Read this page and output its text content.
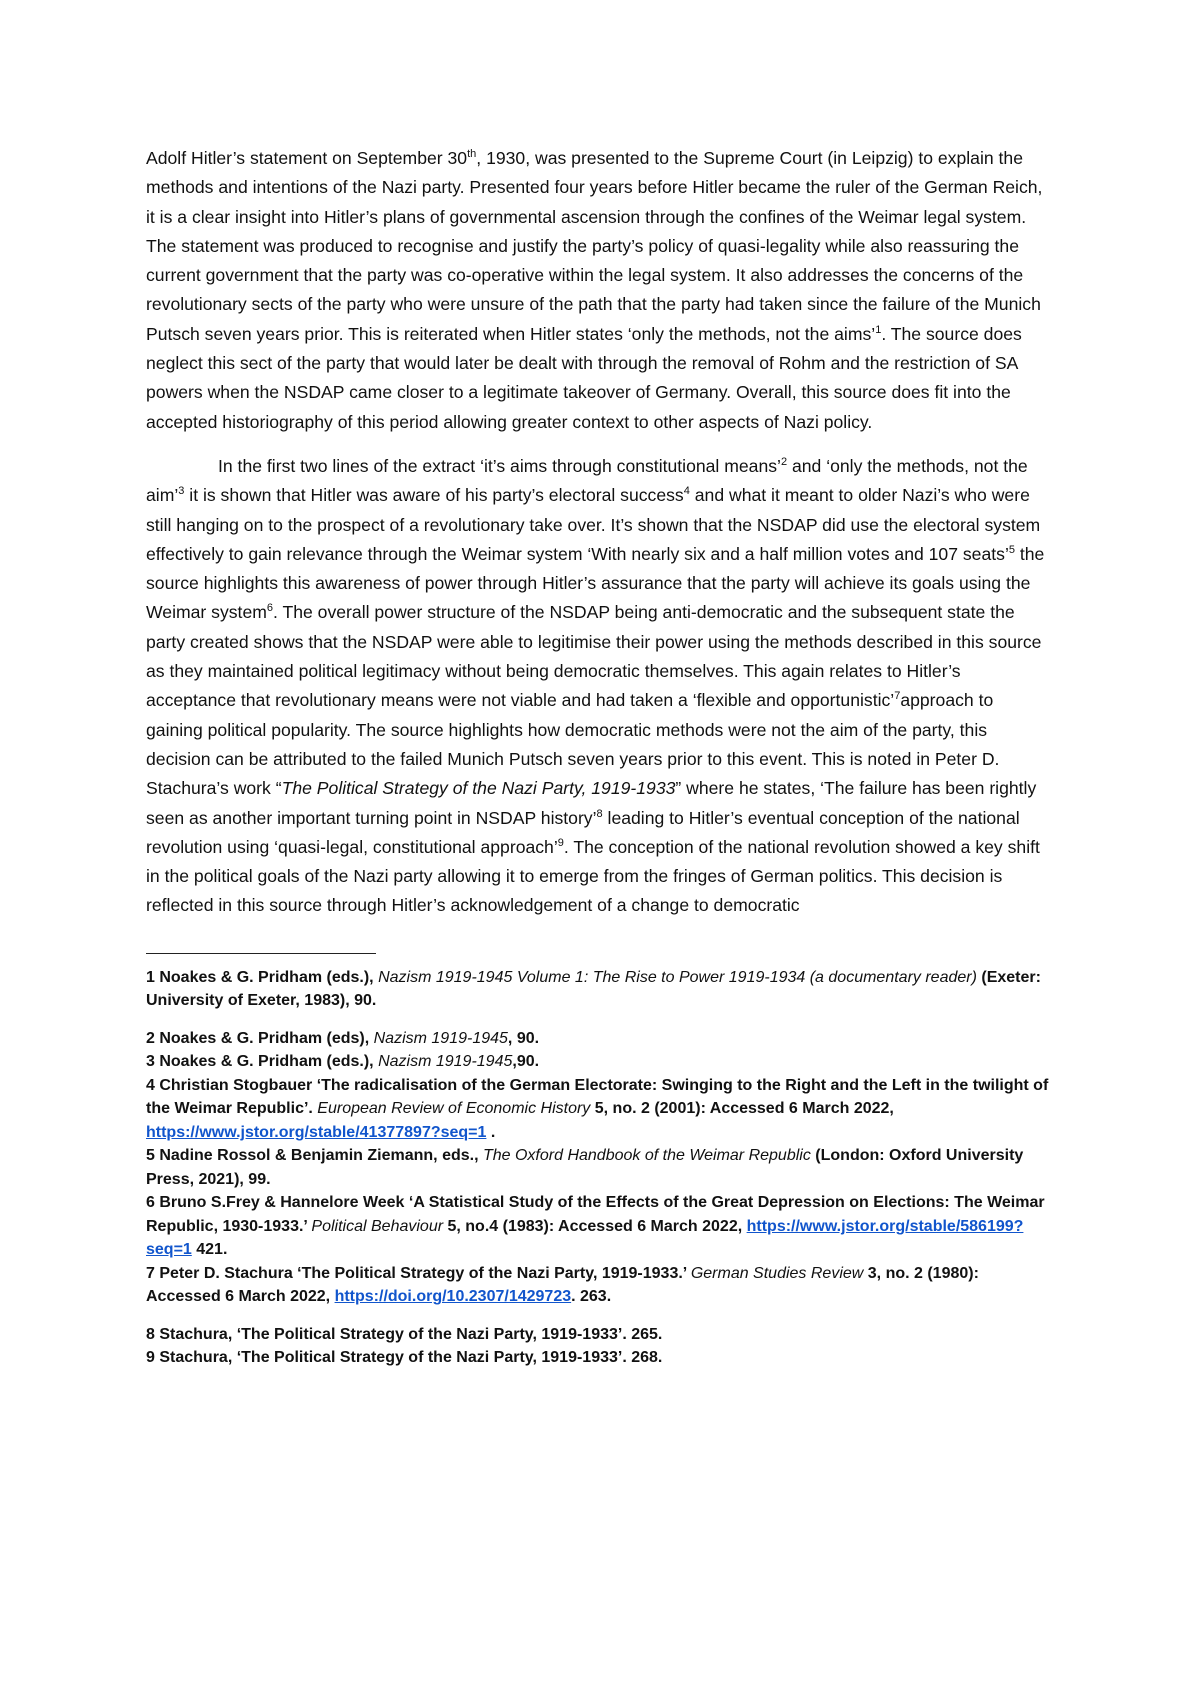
Adolf Hitler’s statement on September 30th, 1930, was presented to the Supreme Court (in Leipzig) to explain the methods and intentions of the Nazi party. Presented four years before Hitler became the ruler of the German Reich, it is a clear insight into Hitler’s plans of governmental ascension through the confines of the Weimar legal system. The statement was produced to recognise and justify the party’s policy of quasi-legality while also reassuring the current government that the party was co-operative within the legal system. It also addresses the concerns of the revolutionary sects of the party who were unsure of the path that the party had taken since the failure of the Munich Putsch seven years prior. This is reiterated when Hitler states ‘only the methods, not the aims’$^1$. The source does neglect this sect of the party that would later be dealt with through the removal of Rohm and the restriction of SA powers when the NSDAP came closer to a legitimate takeover of Germany. Overall, this source does fit into the accepted historiography of this period allowing greater context to other aspects of Nazi policy.

In the first two lines of the extract ‘it’s aims through constitutional means’$^2$ and ‘only the methods, not the aim’$^3$ it is shown that Hitler was aware of his party’s electoral success$^4$ and what it meant to older Nazi’s who were still hanging on to the prospect of a revolutionary take over. It’s shown that the NSDAP did use the electoral system effectively to gain relevance through the Weimar system ‘With nearly six and a half million votes and 107 seats’$^5$ the source highlights this awareness of power through Hitler’s assurance that the party will achieve its goals using the Weimar system$^6$. The overall power structure of the NSDAP being anti-democratic and the subsequent state the party created shows that the NSDAP were able to legitimise their power using the methods described in this source as they maintained political legitimacy without being democratic themselves. This again relates to Hitler’s acceptance that revolutionary means were not viable and had taken a ‘flexible and opportunistic’$^7$approach to gaining political popularity. The source highlights how democratic methods were not the aim of the party, this decision can be attributed to the failed Munich Putsch seven years prior to this event. This is noted in Peter D. Stachura’s work “The Political Strategy of the Nazi Party, 1919-1933” where he states, ‘The failure has been rightly seen as another important turning point in NSDAP history’$^8$ leading to Hitler’s eventual conception of the national revolution using ‘quasi-legal, constitutional approach’$^9$. The conception of the national revolution showed a key shift in the political goals of the Nazi party allowing it to emerge from the fringes of German politics. This decision is reflected in this source through Hitler’s acknowledgement of a change to democratic

1 Noakes & G. Pridham (eds.), Nazism 1919-1945 Volume 1: The Rise to Power 1919-1934 (a documentary reader) (Exeter: University of Exeter, 1983), 90.

2 Noakes & G. Pridham (eds), Nazism 1919-1945, 90.

3 Noakes & G. Pridham (eds.), Nazism 1919-1945,90.

4 Christian Stogbauer ‘The radicalisation of the German Electorate: Swinging to the Right and the Left in the twilight of the Weimar Republic’. European Review of Economic History 5, no. 2 (2001): Accessed 6 March 2022, https://www.jstor.org/stable/41377897?seq=1 .

5 Nadine Rossol & Benjamin Ziemann, eds., The Oxford Handbook of the Weimar Republic (London: Oxford University Press, 2021), 99.

6 Bruno S.Frey & Hannelore Week ‘A Statistical Study of the Effects of the Great Depression on Elections: The Weimar Republic, 1930-1933.’ Political Behaviour 5, no.4 (1983): Accessed 6 March 2022, https://www.jstor.org/stable/586199?seq=1 421.

7 Peter D. Stachura ‘The Political Strategy of the Nazi Party, 1919-1933.’ German Studies Review 3, no. 2 (1980): Accessed 6 March 2022, https://doi.org/10.2307/1429723. 263.

8 Stachura, ‘The Political Strategy of the Nazi Party, 1919-1933’. 265.

9 Stachura, ‘The Political Strategy of the Nazi Party, 1919-1933’. 268.
